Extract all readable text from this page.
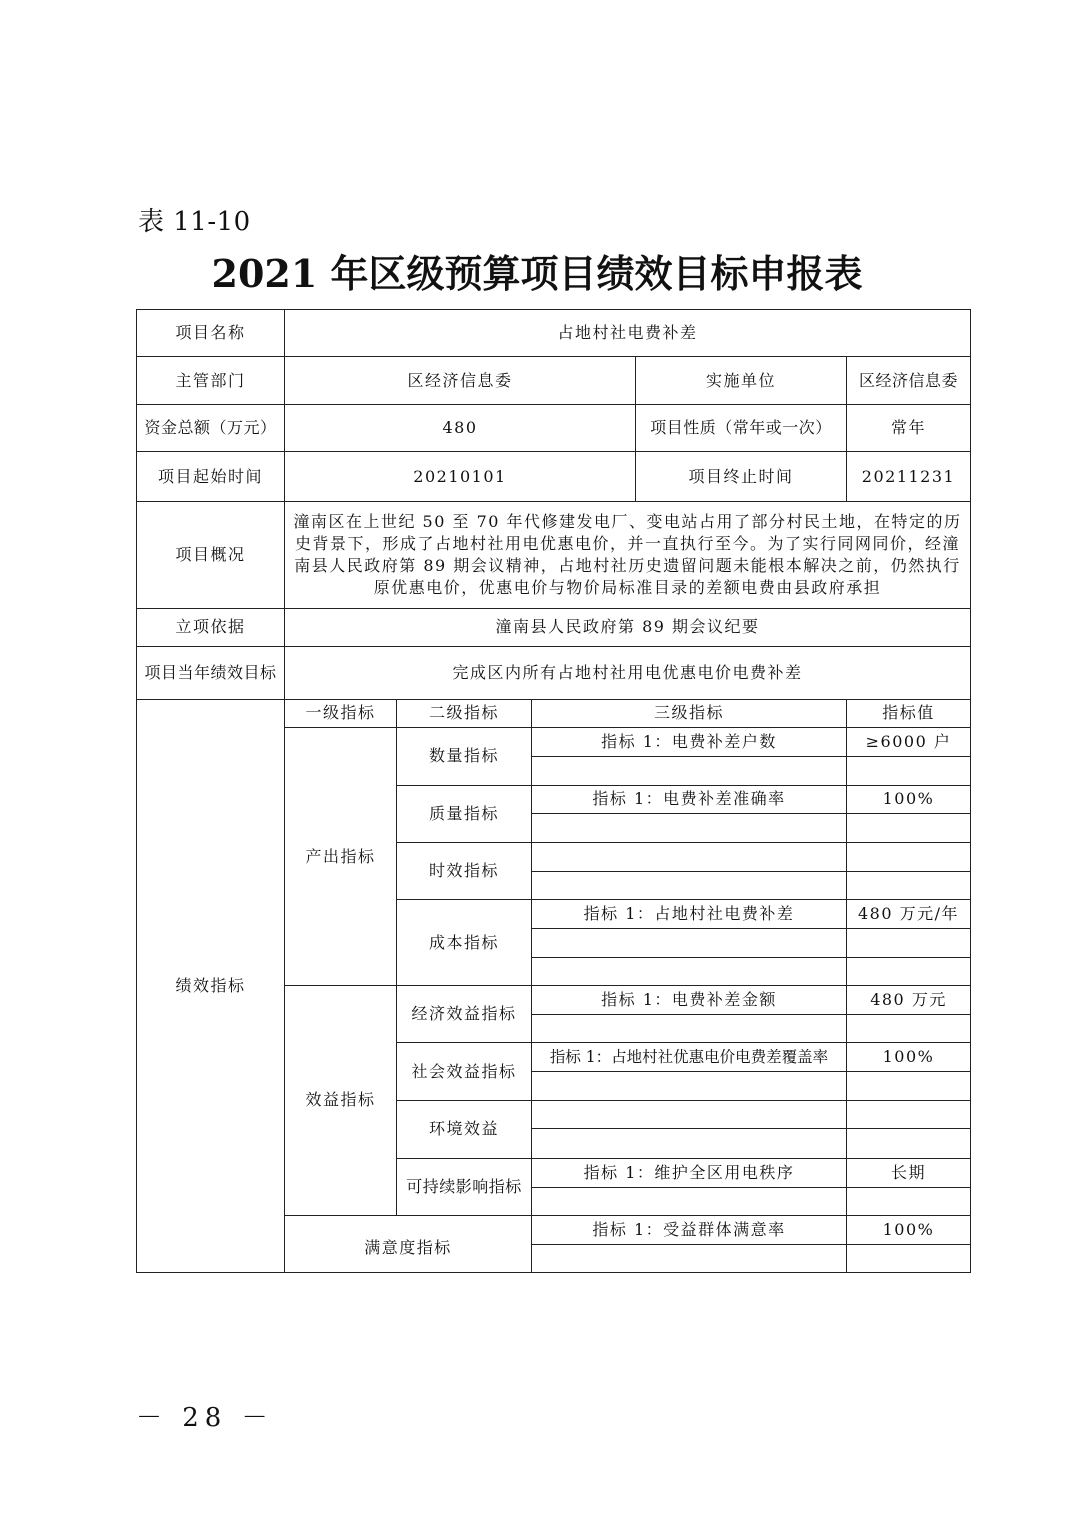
表 11-10
2021 年区级预算项目绩效目标申报表
项目名称	占地村社电费补差				
主管部门	区经济信息委			实施单位	区经济信息委
资金总额（万元）	480			项目性质（常年或一次）	常年
项目起始时间	20210101			项目终止时间	20211231
项目概况	潼南区在上世纪 50 至 70 年代修建发电厂、变电站占用了部分村民土地，在特定的历史背景下，形成了占地村社用电优惠电价，并一直执行至今。为了实行同网同价，经潼南县人民政府第 89 期会议精神，占地村社历史遗留问题未能根本解决之前，仍然执行原优惠电价，优惠电价与物价局标准目录的差额电费由县政府承担				
立项依据	潼南县人民政府第 89 期会议纪要				
项目当年绩效目标	完成区内所有占地村社用电优惠电价电费补差				
绩效指标	一级指标	二级指标	三级指标		指标值
	产出指标	数量指标	指标 1：电费补差户数		≥6000 户

		质量指标	指标 1：电费补差准确率		100%

		时效指标			

		成本指标	指标 1：占地村社电费补差		480 万元/年

	效益指标	经济效益指标	指标 1：电费补差金额		480 万元

		社会效益指标	指标 1：占地村社优惠电价电费差覆盖率		100%

		环境效益			

		可持续影响指标	指标 1：维护全区用电秩序		长期

	满意度指标		指标 1：受益群体满意率		100%

－ 28 －
